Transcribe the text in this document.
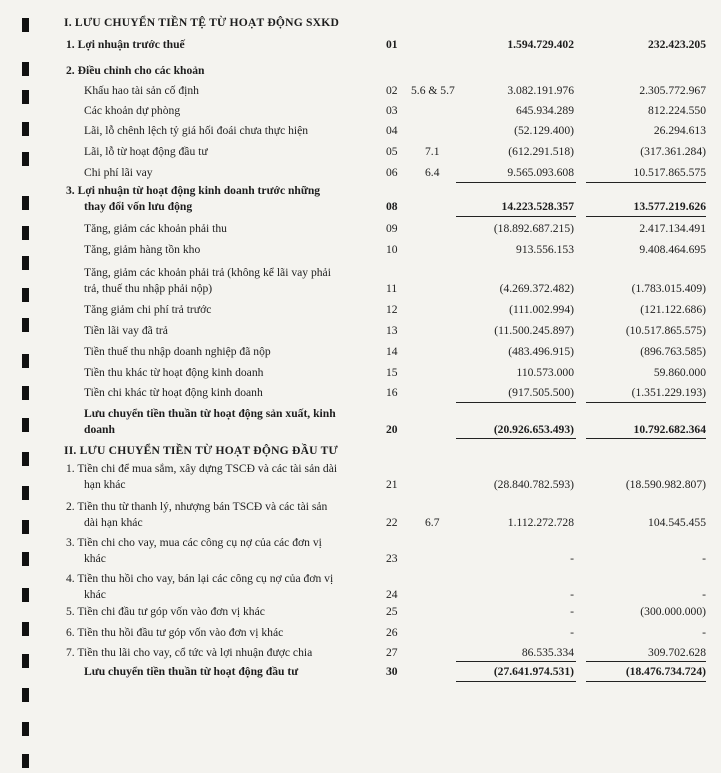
I. LƯU CHUYỂN TIỀN TỆ TỪ HOẠT ĐỘNG SXKD
1. Lợi nhuận trước thuế	01	1.594.729.402	232.423.205
2. Điều chỉnh cho các khoản
Khấu hao tài sản cố định	02	5.6 & 5.7	3.082.191.976	2.305.772.967
Các khoản dự phòng	03	645.934.289	812.224.550
Lãi, lỗ chênh lệch tỷ giá hối đoái chưa thực hiện	04	(52.129.400)	26.294.613
Lãi, lỗ từ hoạt động đầu tư	05	7.1	(612.291.518)	(317.361.284)
Chi phí lãi vay	06	6.4	9.565.093.608	10.517.865.575
3. Lợi nhuận từ hoạt động kinh doanh trước những
thay đổi vốn lưu động	08	14.223.528.357	13.577.219.626
Tăng, giảm các khoản phải thu	09	(18.892.687.215)	2.417.134.491
Tăng, giảm hàng tồn kho	10	913.556.153	9.408.464.695
Tăng, giảm các khoản phải trả (không kể lãi vay phải
trả, thuế thu nhập phải nộp)	11	(4.269.372.482)	(1.783.015.409)
Tăng giảm chi phí trả trước	12	(111.002.994)	(121.122.686)
Tiền lãi vay đã trả	13	(11.500.245.897)	(10.517.865.575)
Tiền thuế thu nhập doanh nghiệp đã nộp	14	(483.496.915)	(896.763.585)
Tiền thu khác từ hoạt động kinh doanh	15	110.573.000	59.860.000
Tiền chi khác từ hoạt động kinh doanh	16	(917.505.500)	(1.351.229.193)
Lưu chuyển tiền thuần từ hoạt động sản xuất, kinh
doanh	20	(20.926.653.493)	10.792.682.364
II. LƯU CHUYỂN TIỀN TỪ HOẠT ĐỘNG ĐẦU TƯ
1. Tiền chi để mua sắm, xây dựng TSCĐ và các tài sản dài
hạn khác	21	(28.840.782.593)	(18.590.982.807)
2. Tiền thu từ thanh lý, nhượng bán TSCĐ và các tài sản
dài hạn khác	22	6.7	1.112.272.728	104.545.455
3. Tiền chi cho vay, mua các công cụ nợ của các đơn vị
khác	23	-	-
4. Tiền thu hồi cho vay, bán lại các công cụ nợ của đơn vị
khác	24	-	-
5. Tiền chi đầu tư góp vốn vào đơn vị khác	25	-	(300.000.000)
6. Tiền thu hồi đầu tư góp vốn vào đơn vị khác	26	-	-
7. Tiền thu lãi cho vay, cổ tức và lợi nhuận được chia	27	86.535.334	309.702.628
Lưu chuyển tiền thuần từ hoạt động đầu tư	30	(27.641.974.531)	(18.476.734.724)
